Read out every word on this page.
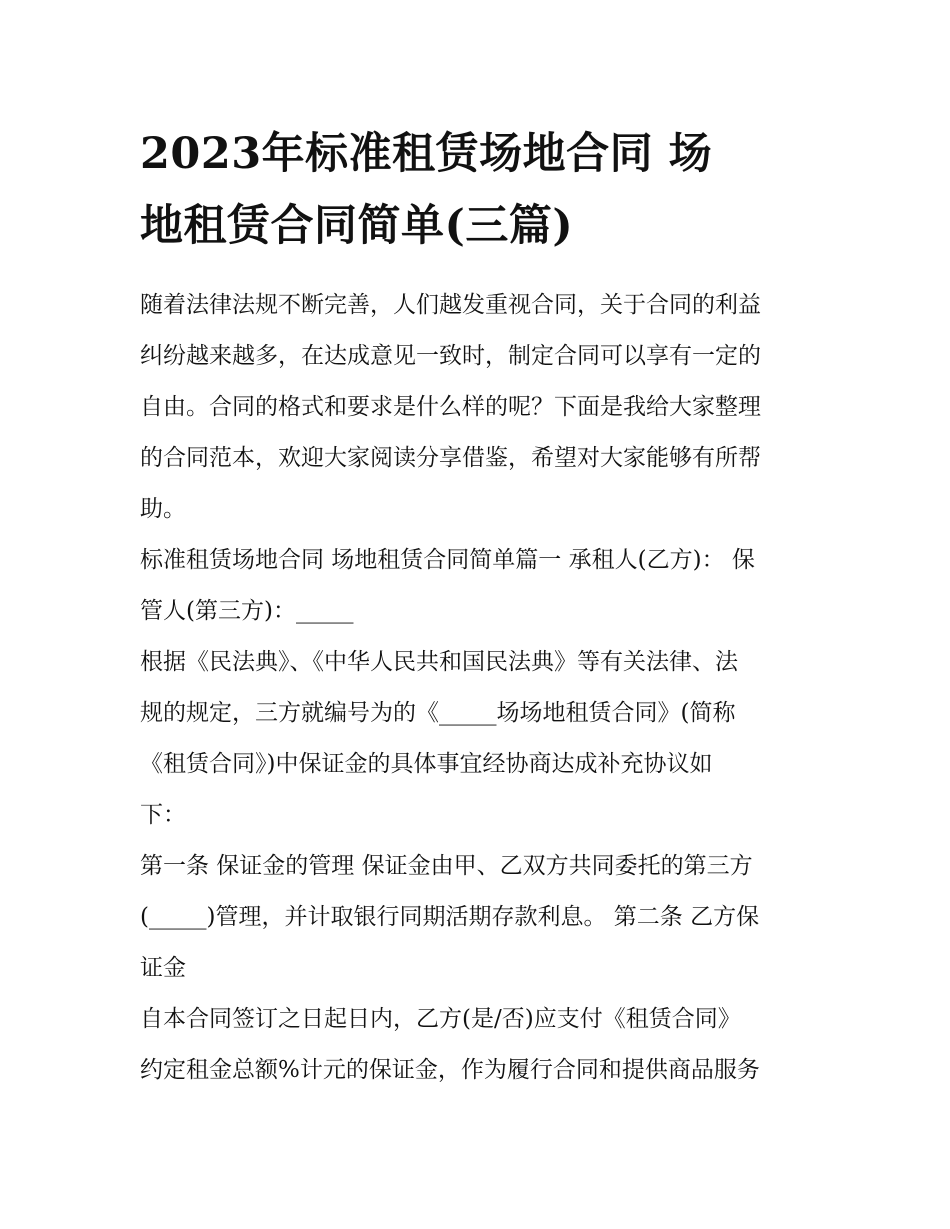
2023年标准租赁场地合同 场
地租赁合同简单(三篇)

随着法律法规不断完善，人们越发重视合同，关于合同的利益
纠纷越来越多，在达成意见一致时，制定合同可以享有一定的
自由。合同的格式和要求是什么样的呢？下面是我给大家整理
的合同范本，欢迎大家阅读分享借鉴，希望对大家能够有所帮
助。

标准租赁场地合同 场地租赁合同简单篇一 承租人(乙方)： 保
管人(第三方)：_____

根据《民法典》、《中华人民共和国民法典》等有关法律、法
规的规定，三方就编号为的《_____场场地租赁合同》(简称
《租赁合同》)中保证金的具体事宜经协商达成补充协议如
下：

第一条 保证金的管理 保证金由甲、乙双方共同委托的第三方
(_____)管理，并计取银行同期活期存款利息。 第二条 乙方保
证金

自本合同签订之日起日内，乙方(是/否)应支付《租赁合同》
约定租金总额%计元的保证金，作为履行合同和提供商品服务
